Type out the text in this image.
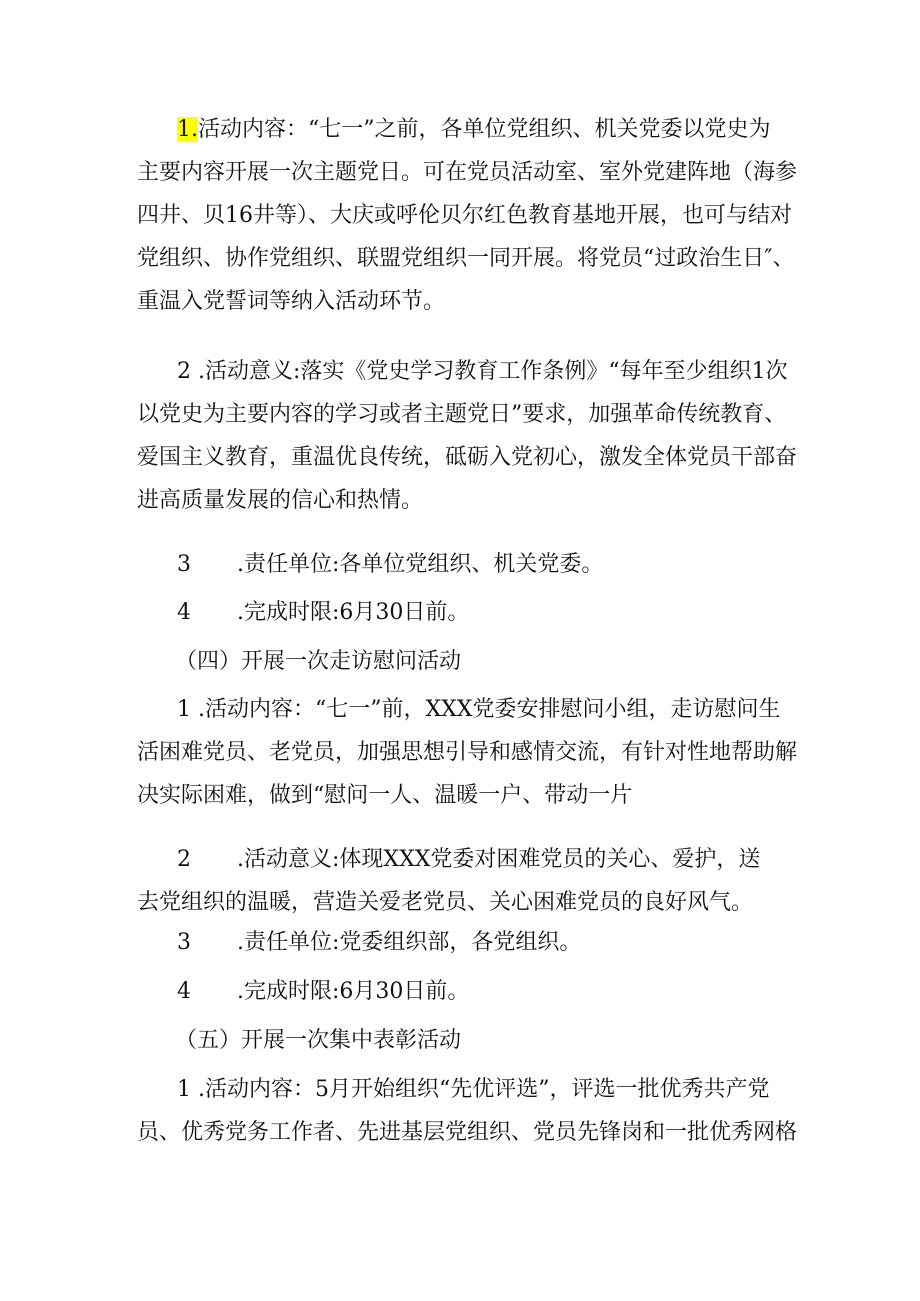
1.活动内容：“七一”之前，各单位党组织、机关党委以党史为
主要内容开展一次主题党日。可在党员活动室、室外党建阵地（海参
四井、贝16井等）、大庆或呼伦贝尔红色教育基地开展，也可与结对
党组织、协作党组织、联盟党组织一同开展。将党员“过政治生日″、
重温入党誓词等纳入活动环节。
2 .活动意义:落实《党史学习教育工作条例》“每年至少组织1次
以党史为主要内容的学习或者主题党日”要求，加强革命传统教育、
爱国主义教育，重温优良传统，砥砺入党初心，激发全体党员干部奋
进高质量发展的信心和热情。
3 .责任单位:各单位党组织、机关党委。
4 .完成时限:6月30日前。
（四）开展一次走访慰问活动
1 .活动内容：“七一”前，XXX党委安排慰问小组，走访慰问生
活困难党员、老党员，加强思想引导和感情交流，有针对性地帮助解
决实际困难，做到“慰问一人、温暖一户、带动一片
2 .活动意义:体现XXX党委对困难党员的关心、爱护，送
去党组织的温暖，营造关爱老党员、关心困难党员的良好风气。
3 .责任单位:党委组织部，各党组织。
4 .完成时限:6月30日前。
（五）开展一次集中表彰活动
1 .活动内容：5月开始组织“先优评选”，评选一批优秀共产党
员、优秀党务工作者、先进基层党组织、党员先锋岗和一批优秀网格
